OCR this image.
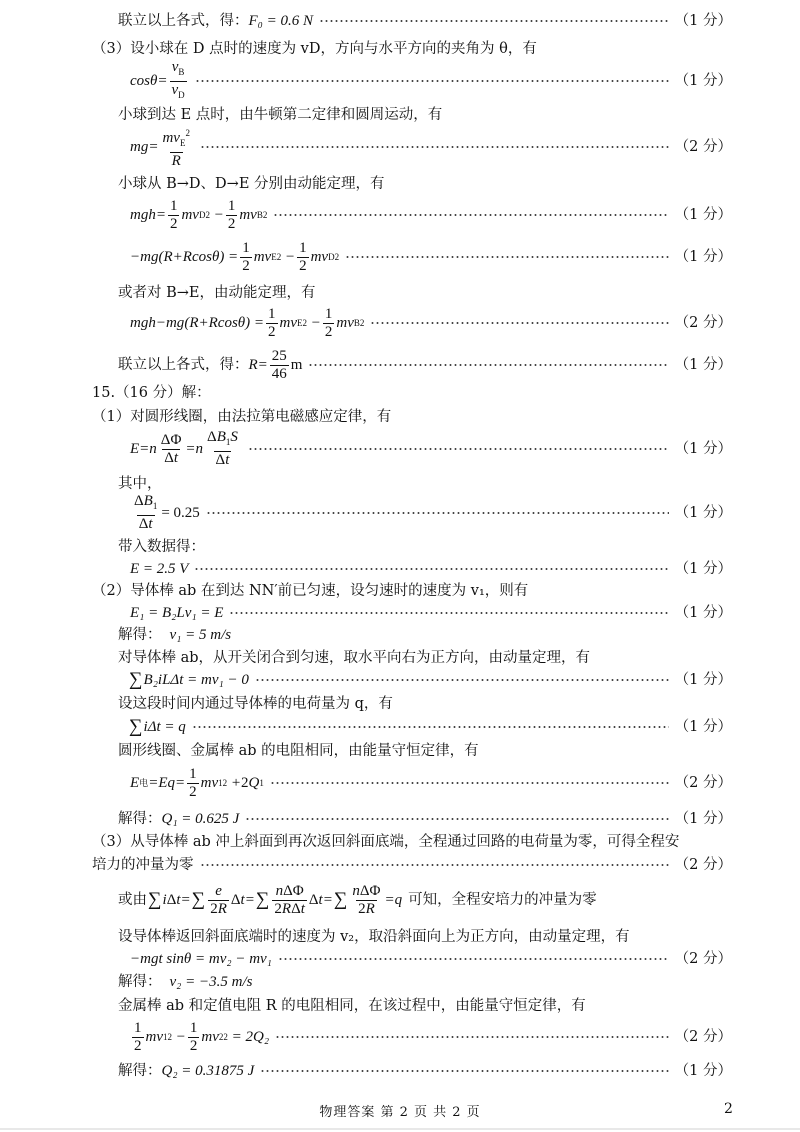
联立以上各式，得： F₀ = 0.6 N	（1 分）
（3）设小球在 D 点时的速度为 vD，方向与水平方向的夹角为 θ，有
$\cos \theta = \frac{v_B}{v_D}$	（1 分）
小球到达 E 点时，由牛顿第二定律和圆周运动，有
mg = $\frac{mv_E^2}{R}$	（2 分）
小球从 B→D、D→E 分别由动能定理，有
mgh = $\frac{1}{2}$ mv D $2 - \frac{1}{2}$ mv B 2	（1 分）
− mg ( R + R cos θ ) = $\frac{1}{2}$ mv E $2 - \frac{1}{2}$ mv D 2	（1 分）
或者对 B→E，由动能定理，有
mgh − mg ( R + R cos θ ) = $\frac{1}{2}$ mv E $2 - \frac{1}{2}$ mv B 2	（2 分）
联立以上各式，得： $R = \frac{25}{46}$ m	（1 分）
15.（16 分）解：
（1）对圆形线圈，由法拉第电磁感应定律，有
E = n $\frac{\Delta\Phi}{\Delta t} = n \frac{\Delta B_1S}{\Delta t}$	（1 分）
其中，
$\frac{\Delta B_1}{\Delta t} = 0.25$	（1 分）
带入数据得：
E = 2.5 V	（1 分）
（2）导体棒 ab 在到达 NN′前已匀速，设匀速时的速度为 v₁，则有
E₁ = B₂Lv₁ = E	（1 分）
解得： v₁ = 5 m/s
对导体棒 ab，从开关闭合到匀速，取水平向右为正方向，由动量定理，有
∑ B₂iLΔt = mv₁ − 0	（1 分）
设这段时间内通过导体棒的电荷量为 q，有
∑ iΔt = q	（1 分）
圆形线圈、金属棒 ab 的电阻相同，由能量守恒定律，有
E 电 = $Eq = \frac{1}{2}$ mv 1 2 + 2 Q 1	（2 分）
解得： Q₁ = 0.625 J	（1 分）
（3）从导体棒 ab 冲上斜面到再次返回斜面底端，全程通过回路的电荷量为零，可得全程安
培力的冲量为零	（2 分）
或由 ∑ i Δ t = ∑ $\frac{e}{2R}$ Δ t = ∑ $\frac{\text{nΔΦ}}{\text{2RΔt}}$ Δ t = ∑ $\frac{\text{nΔΦ}}{2R} = q$ 可知，全程安培力的冲量为零
设导体棒返回斜面底端时的速度为 v₂，取沿斜面向上为正方向，由动量定理，有
−mgt sinθ = mv₂ − mv₁	（2 分）
解得： v₂ = −3.5 m/s
金属棒 ab 和定值电阻 R 的电阻相同，在该过程中，由能量守恒定律，有
$\frac{1}{2}$ mv 1 $2 - \frac{1}{2}$ mv 2 2
= 2Q₂	（2 分）
解得： Q₂ = 0.31875 J	（1 分）
物理答案 第 2 页 共 2 页	2
